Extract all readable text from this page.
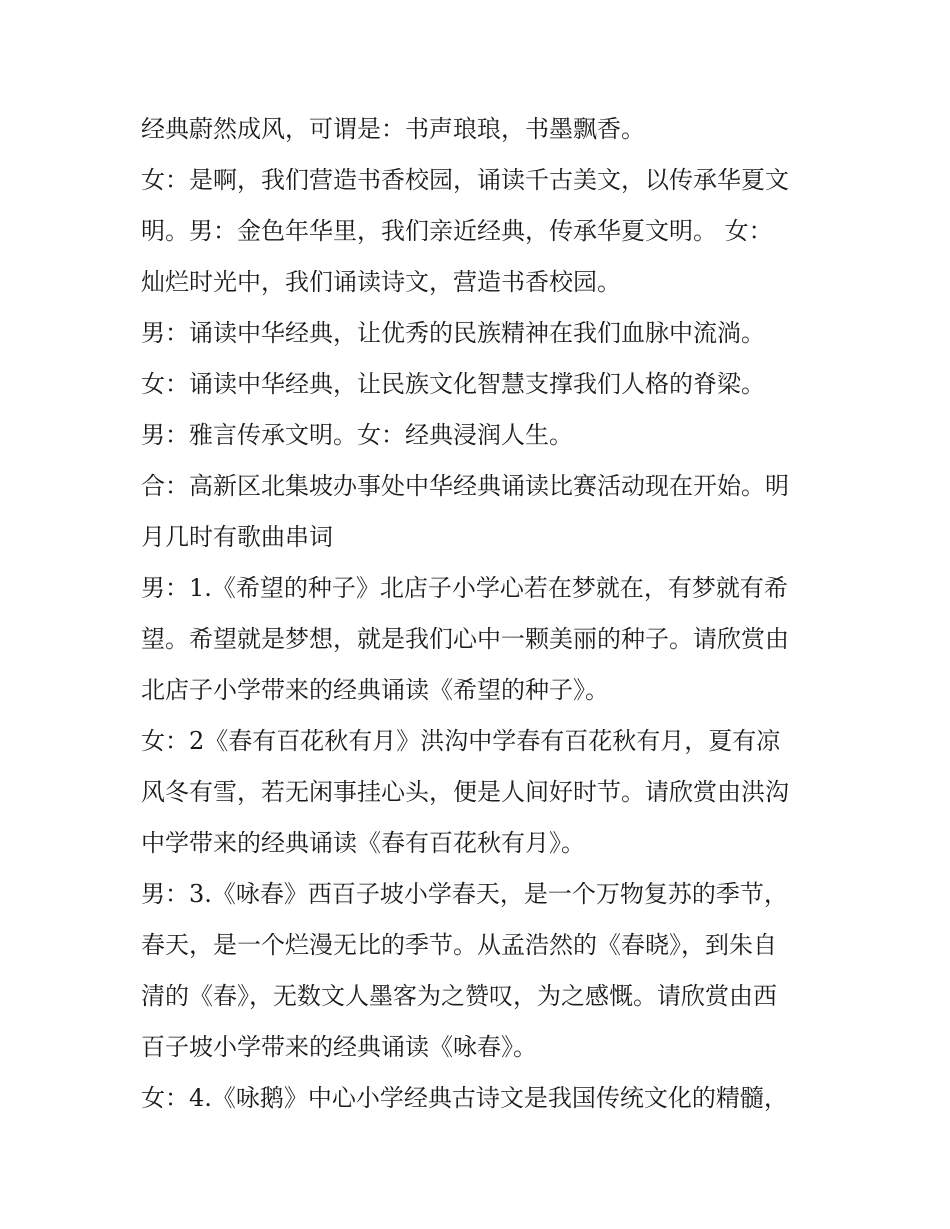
经典蔚然成风，可谓是：书声琅琅，书墨飘香。
女：是啊，我们营造书香校园，诵读千古美文，以传承华夏文
明。男：金色年华里，我们亲近经典，传承华夏文明。 女：
灿烂时光中，我们诵读诗文，营造书香校园。
男：诵读中华经典，让优秀的民族精神在我们血脉中流淌。
女：诵读中华经典，让民族文化智慧支撑我们人格的脊梁。
男：雅言传承文明。女：经典浸润人生。
合：高新区北集坡办事处中华经典诵读比赛活动现在开始。明
月几时有歌曲串词
男：1.《希望的种子》北店子小学心若在梦就在，有梦就有希
望。希望就是梦想，就是我们心中一颗美丽的种子。请欣赏由
北店子小学带来的经典诵读《希望的种子》。
女：2《春有百花秋有月》洪沟中学春有百花秋有月，夏有凉
风冬有雪，若无闲事挂心头，便是人间好时节。请欣赏由洪沟
中学带来的经典诵读《春有百花秋有月》。
男：3.《咏春》西百子坡小学春天，是一个万物复苏的季节，
春天，是一个烂漫无比的季节。从孟浩然的《春晓》，到朱自
清的《春》，无数文人墨客为之赞叹，为之感慨。请欣赏由西
百子坡小学带来的经典诵读《咏春》。
女：4.《咏鹅》中心小学经典古诗文是我国传统文化的精髓，
